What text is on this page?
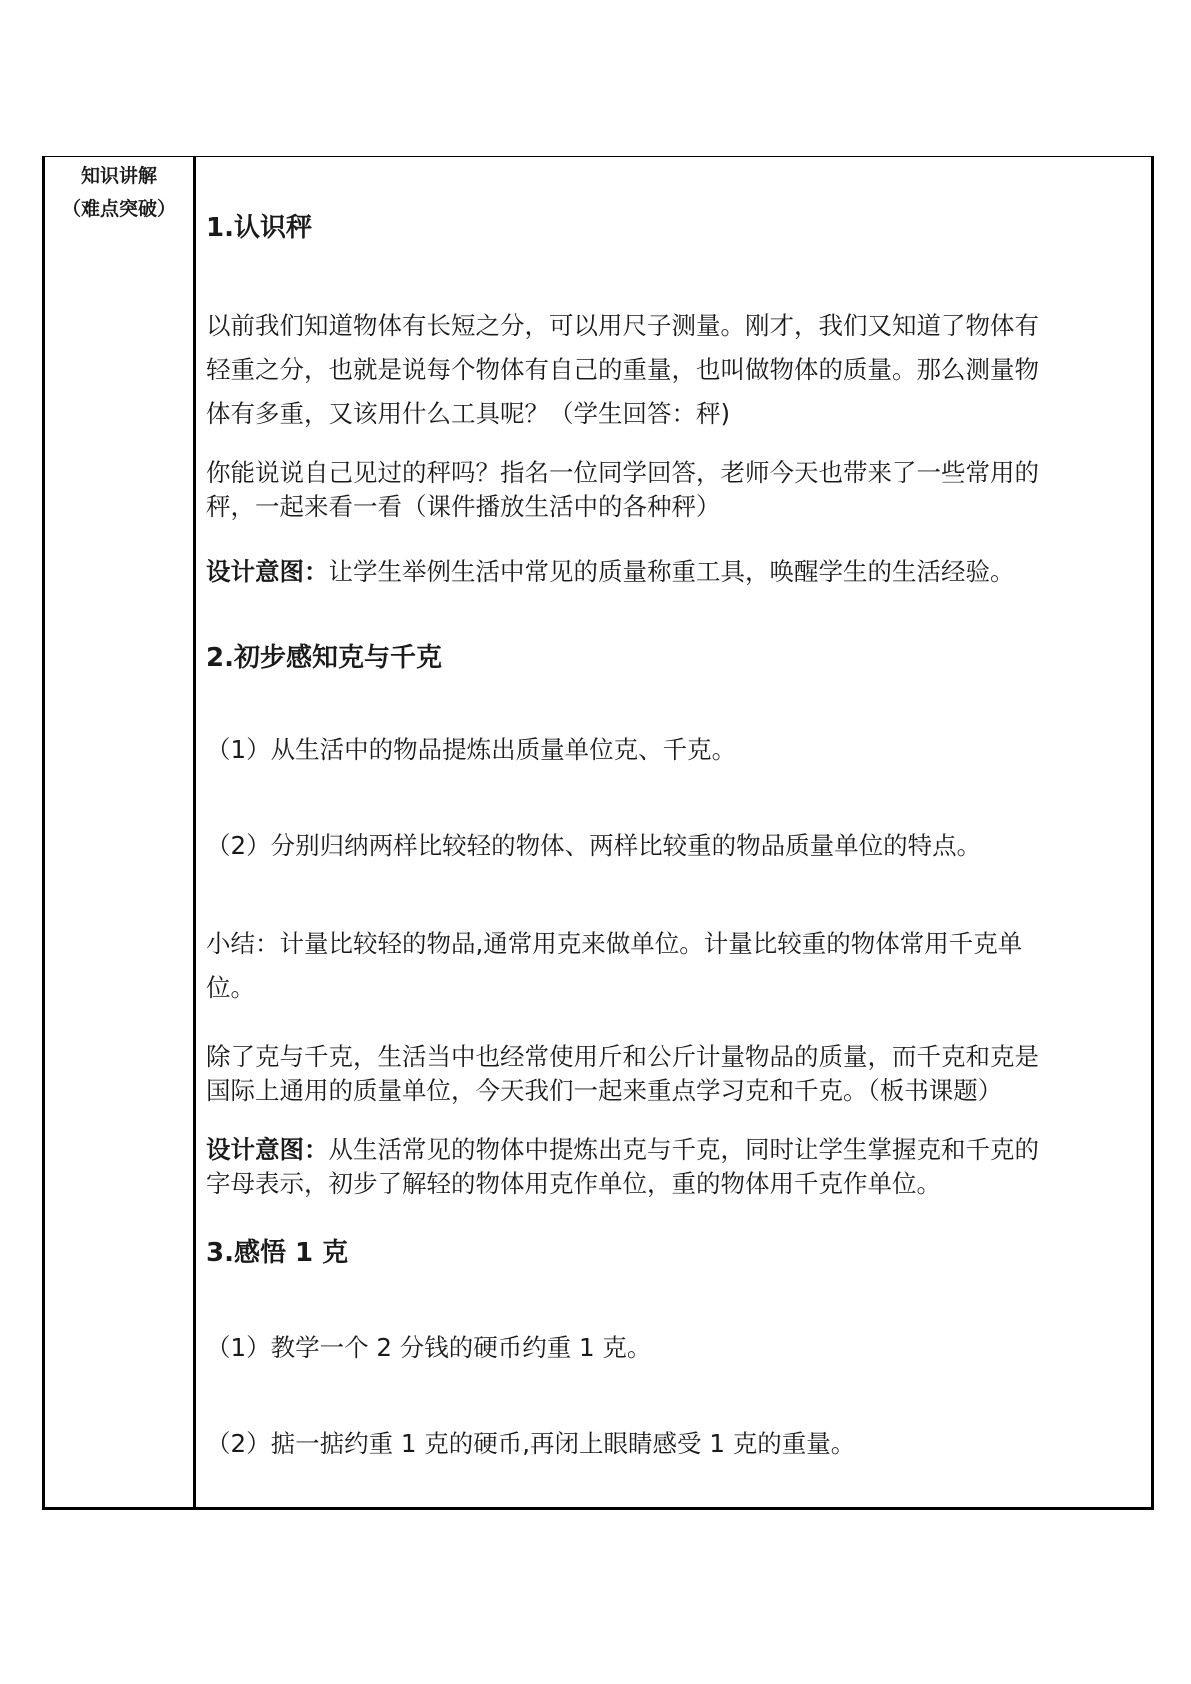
知识讲解
（难点突破）
1.认识秤
以前我们知道物体有长短之分，可以用尺子测量。刚才，我们又知道了物体有
轻重之分，也就是说每个物体有自己的重量，也叫做物体的质量。那么测量物
体有多重，又该用什么工具呢？（学生回答：秤)
你能说说自己见过的秤吗？指名一位同学回答，老师今天也带来了一些常用的
秤，一起来看一看（课件播放生活中的各种秤）
设计意图：让学生举例生活中常见的质量称重工具，唤醒学生的生活经验。
2.初步感知克与千克
（1）从生活中的物品提炼出质量单位克、千克。
（2）分别归纳两样比较轻的物体、两样比较重的物品质量单位的特点。
小结：计量比较轻的物品,通常用克来做单位。计量比较重的物体常用千克单
位。
除了克与千克，生活当中也经常使用斤和公斤计量物品的质量，而千克和克是
国际上通用的质量单位，今天我们一起来重点学习克和千克。（板书课题）
设计意图：从生活常见的物体中提炼出克与千克，同时让学生掌握克和千克的
字母表示，初步了解轻的物体用克作单位，重的物体用千克作单位。
3.感悟 1 克
（1）教学一个 2 分钱的硬币约重 1 克。
（2）掂一掂约重 1 克的硬币,再闭上眼睛感受 1 克的重量。
